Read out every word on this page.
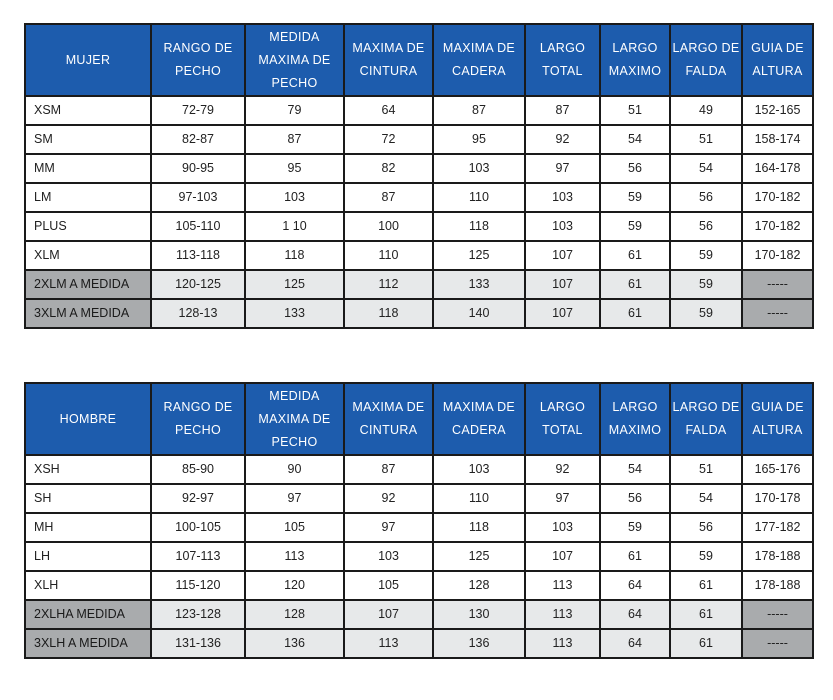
MUJER	RANGO DE PECHO	MEDIDA MAXIMA DE PECHO	MAXIMA DE CINTURA	MAXIMA DE CADERA	LARGO TOTAL	LARGO MAXIMO	LARGO DE FALDA	GUIA DE ALTURA
XSM	72-79	79	64	87	87	51	49	152-165
SM	82-87	87	72	95	92	54	51	158-174
MM	90-95	95	82	103	97	56	54	164-178
LM	97-103	103	87	110	103	59	56	170-182
PLUS	105-110	1 10	100	118	103	59	56	170-182
XLM	113-118	118	110	125	107	61	59	170-182
2XLM A MEDIDA	120-125	125	112	133	107	61	59	-----
3XLM A MEDIDA	128-13	133	118	140	107	61	59	-----
HOMBRE	RANGO DE PECHO	MEDIDA MAXIMA DE PECHO	MAXIMA DE CINTURA	MAXIMA DE CADERA	LARGO TOTAL	LARGO MAXIMO	LARGO DE FALDA	GUIA DE ALTURA
XSH	85-90	90	87	103	92	54	51	165-176
SH	92-97	97	92	110	97	56	54	170-178
MH	100-105	105	97	118	103	59	56	177-182
LH	107-113	113	103	125	107	61	59	178-188
XLH	115-120	120	105	128	113	64	61	178-188
2XLHA MEDIDA	123-128	128	107	130	113	64	61	-----
3XLH A MEDIDA	131-136	136	113	136	113	64	61	-----
